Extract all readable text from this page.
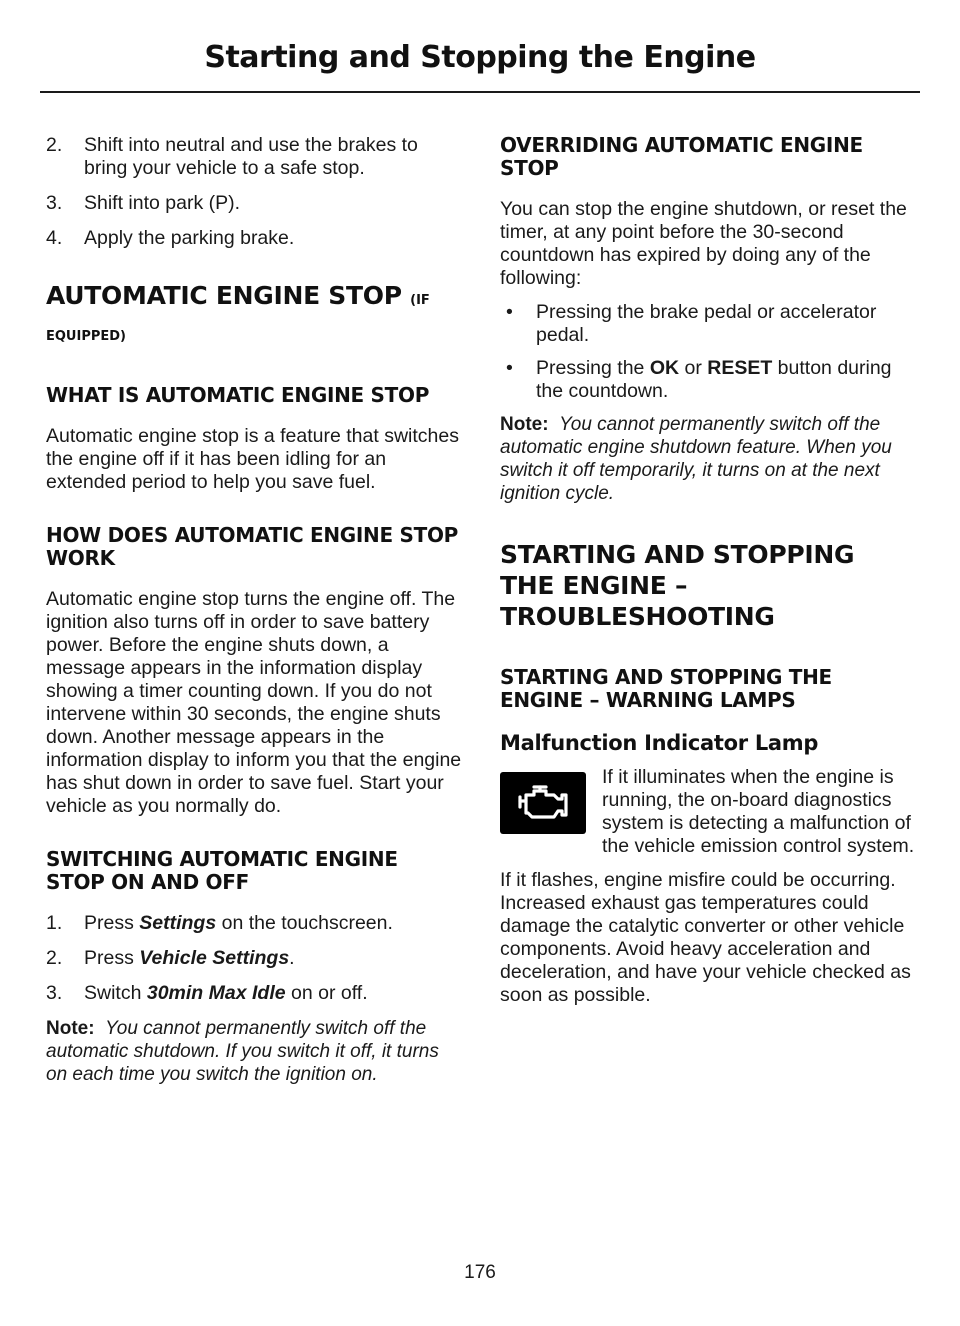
Starting and Stopping the Engine
2. Shift into neutral and use the brakes to bring your vehicle to a safe stop.
3. Shift into park (P).
4. Apply the parking brake.
AUTOMATIC ENGINE STOP (IF EQUIPPED)
WHAT IS AUTOMATIC ENGINE STOP

Automatic engine stop is a feature that switches the engine off if it has been idling for an extended period to help you save fuel.

HOW DOES AUTOMATIC ENGINE STOP WORK

Automatic engine stop turns the engine off. The ignition also turns off in order to save battery power. Before the engine shuts down, a message appears in the information display showing a timer counting down. If you do not intervene within 30 seconds, the engine shuts down. Another message appears in the information display to inform you that the engine has shut down in order to save fuel. Start your vehicle as you normally do.

SWITCHING AUTOMATIC ENGINE STOP ON AND OFF
1. Press Settings on the touchscreen.
2. Press Vehicle Settings.
3. Switch 30min Max Idle on or off.

Note: You cannot permanently switch off the automatic shutdown. If you switch it off, it turns on each time you switch the ignition on.

OVERRIDING AUTOMATIC ENGINE STOP

You can stop the engine shutdown, or reset the timer, at any point before the 30-second countdown has expired by doing any of the following:

• Pressing the brake pedal or accelerator pedal.
• Pressing the OK or RESET button during the countdown.

Note: You cannot permanently switch off the automatic engine shutdown feature. When you switch it off temporarily, it turns on at the next ignition cycle.

STARTING AND STOPPING
THE ENGINE –
TROUBLESHOOTING
STARTING AND STOPPING THE ENGINE – WARNING LAMPS
Malfunction Indicator Lamp

If it illuminates when the engine is running, the on-board diagnostics system is detecting a malfunction of the vehicle emission control system.

If it flashes, engine misfire could be occurring. Increased exhaust gas temperatures could damage the catalytic converter or other vehicle components. Avoid heavy acceleration and deceleration, and have your vehicle checked as soon as possible.

176
